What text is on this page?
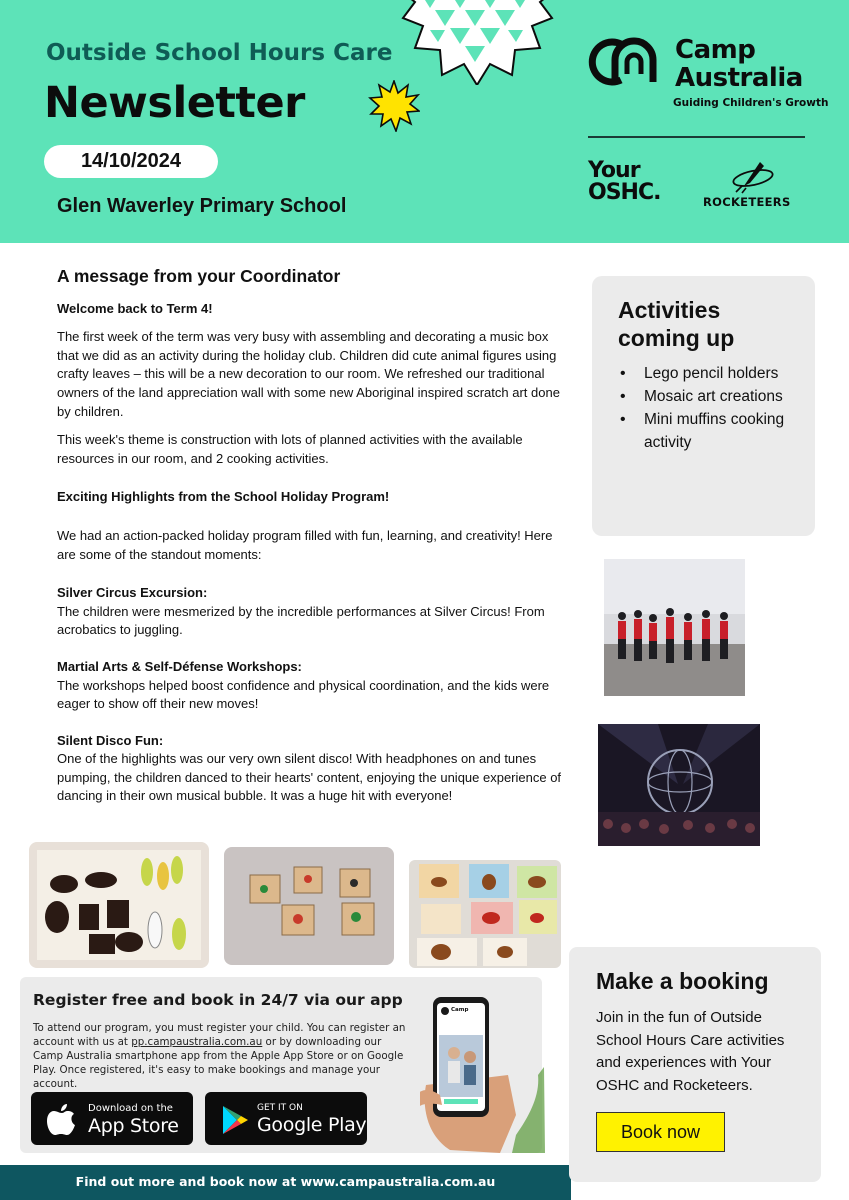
Outside School Hours Care
Newsletter
14/10/2024
Glen Waverley Primary School
Camp
Australia
Guiding Children's Growth
Your
OSHC.	ROCKETEERS
A message from your Coordinator

Welcome back to Term 4!

The first week of the term was very busy with assembling and decorating a music box that we did as an activity during the holiday club. Children did cute animal figures using crafty leaves – this will be a new decoration to our room. We refreshed our traditional owners of the land appreciation wall with some new Aboriginal inspired scratch art done by children.

This week's theme is construction with lots of planned activities with the available resources in our room, and 2 cooking activities.

Exciting Highlights from the School Holiday Program!

We had an action-packed holiday program filled with fun, learning, and creativity! Here are some of the standout moments:

Silver Circus Excursion:
The children were mesmerized by the incredible performances at Silver Circus! From acrobatics to juggling.
Martial Arts & Self-Défense Workshops:
The workshops helped boost confidence and physical coordination, and the kids were eager to show off their new moves!
Silent Disco Fun:
One of the highlights was our very own silent disco! With headphones on and tunes pumping, the children danced to their hearts' content, enjoying the unique experience of dancing in their own musical bubble. It was a huge hit with everyone!
Activities coming up
• Lego pencil holders
• Mosaic art creations
• Mini muffins cooking activity
Register free and book in 24/7 via our app
To attend our program, you must register your child. You can register an account with us at pp.campaustralia.com.au or by downloading our Camp Australia smartphone app from the Apple App Store or on Google Play. Once registered, it's easy to make bookings and manage your account.
Download on the
App Store
GET IT ON
Google Play
Camp
Find out more and book now at www.campaustralia.com.au
Make a booking
Join in the fun of Outside School Hours Care activities and experiences with Your OSHC and Rocketeers.
Book now
